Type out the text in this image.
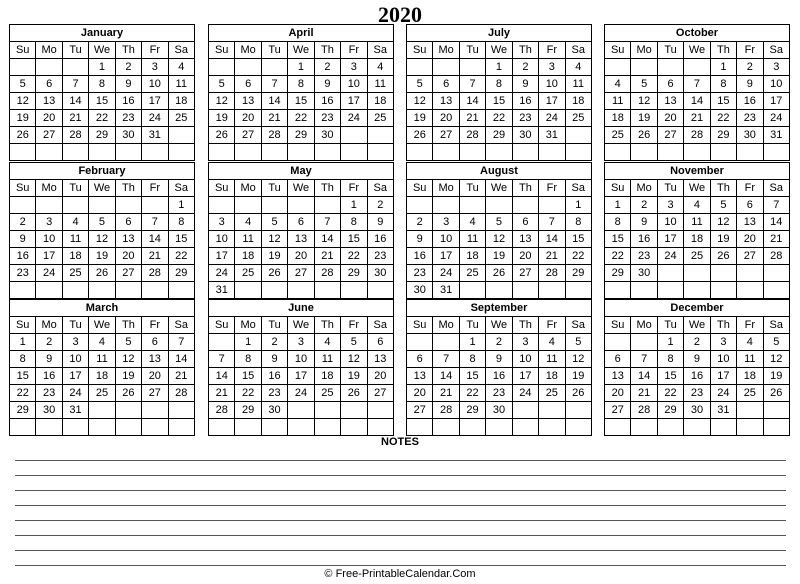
2020
January						
Su	Mo	Tu	We	Th	Fr	Sa
			1	2	3	4
5	6	7	8	9	10	11
12	13	14	15	16	17	18
19	20	21	22	23	24	25
26	27	28	29	30	31	

February						
Su	Mo	Tu	We	Th	Fr	Sa
						1
2	3	4	5	6	7	8
9	10	11	12	13	14	15
16	17	18	19	20	21	22
23	24	25	26	27	28	29

March						
Su	Mo	Tu	We	Th	Fr	Sa
1	2	3	4	5	6	7
8	9	10	11	12	13	14
15	16	17	18	19	20	21
22	23	24	25	26	27	28
29	30	31				

April						
Su	Mo	Tu	We	Th	Fr	Sa
			1	2	3	4
5	6	7	8	9	10	11
12	13	14	15	16	17	18
19	20	21	22	23	24	25
26	27	28	29	30		

May						
Su	Mo	Tu	We	Th	Fr	Sa
					1	2
3	4	5	6	7	8	9
10	11	12	13	14	15	16
17	18	19	20	21	22	23
24	25	26	27	28	29	30
31						
June						
Su	Mo	Tu	We	Th	Fr	Sa
	1	2	3	4	5	6
7	8	9	10	11	12	13
14	15	16	17	18	19	20
21	22	23	24	25	26	27
28	29	30				

July						
Su	Mo	Tu	We	Th	Fr	Sa
			1	2	3	4
5	6	7	8	9	10	11
12	13	14	15	16	17	18
19	20	21	22	23	24	25
26	27	28	29	30	31	

August						
Su	Mo	Tu	We	Th	Fr	Sa
						1
2	3	4	5	6	7	8
9	10	11	12	13	14	15
16	17	18	19	20	21	22
23	24	25	26	27	28	29
30	31					
September						
Su	Mo	Tu	We	Th	Fr	Sa
		1	2	3	4	5
6	7	8	9	10	11	12
13	14	15	16	17	18	19
20	21	22	23	24	25	26
27	28	29	30			

October						
Su	Mo	Tu	We	Th	Fr	Sa
				1	2	3
4	5	6	7	8	9	10
11	12	13	14	15	16	17
18	19	20	21	22	23	24
25	26	27	28	29	30	31

November						
Su	Mo	Tu	We	Th	Fr	Sa
1	2	3	4	5	6	7
8	9	10	11	12	13	14
15	16	17	18	19	20	21
22	23	24	25	26	27	28
29	30					

December						
Su	Mo	Tu	We	Th	Fr	Sa
		1	2	3	4	5
6	7	8	9	10	11	12
13	14	15	16	17	18	19
20	21	22	23	24	25	26
27	28	29	30	31		

NOTES
© Free-PrintableCalendar.Com
